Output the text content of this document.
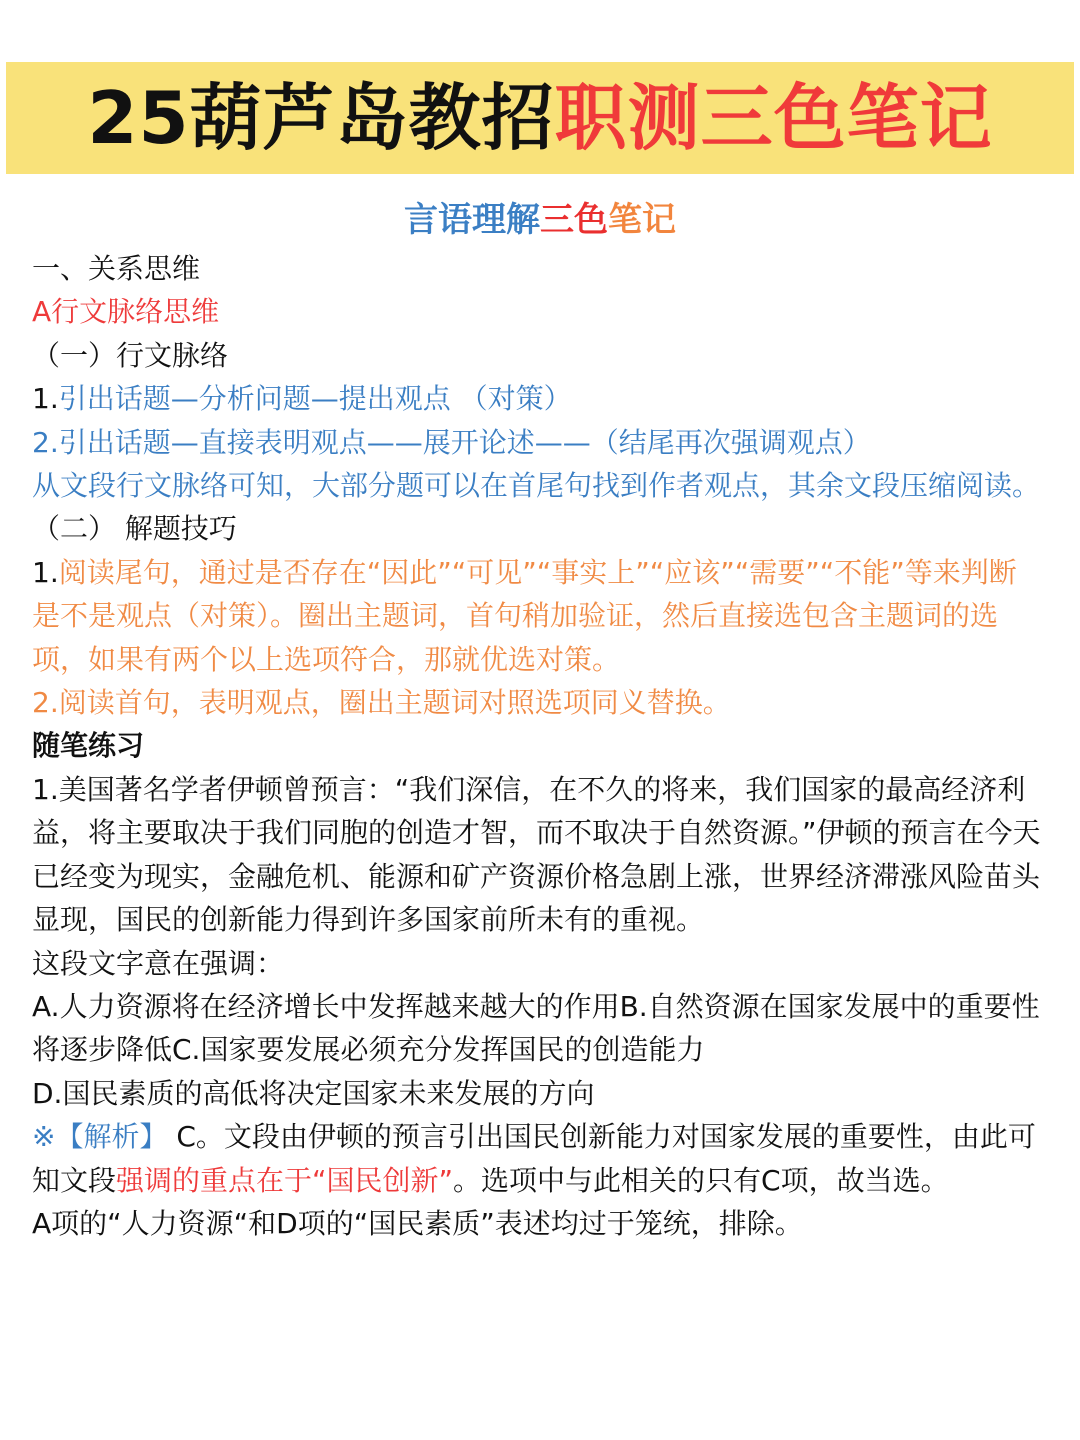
25葫芦岛教招 职测三色笔记
言语理解三色笔记

一、关系思维

A行文脉络思维

（一）行文脉络

1.引出话题—分析问题—提出观点 （对策）

2.引出话题—直接表明观点——展开论述——（结尾再次强调观点）

从文段行文脉络可知，大部分题可以在首尾句找到作者观点，其余文段压缩阅读。

（二） 解题技巧

1.阅读尾句，通过是否存在“因此”“可见”“事实上”“应该”“需要”“不能”等来判断是不是观点（对策）。圈出主题词，首句稍加验证，然后直接选包含主题词的选项，如果有两个以上选项符合，那就优选对策。

2.阅读首句，表明观点，圈出主题词对照选项同义替换。

随笔练习

1.美国著名学者伊顿曾预言：“我们深信，在不久的将来，我们国家的最高经济利益，将主要取决于我们同胞的创造才智，而不取决于自然资源。”伊顿的预言在今天已经变为现实，金融危机、能源和矿产资源价格急剧上涨，世界经济滞涨风险苗头显现，国民的创新能力得到许多国家前所未有的重视。

这段文字意在强调：

A.人力资源将在经济增长中发挥越来越大的作用B.自然资源在国家发展中的重要性将逐步降低C.国家要发展必须充分发挥国民的创造能力

D.国民素质的高低将决定国家未来发展的方向

※【解析】 C。文段由伊顿的预言引出国民创新能力对国家发展的重要性，由此可知文段强调的重点在于“国民创新”。选项中与此相关的只有C项，故当选。

A项的“人力资源“和D项的“国民素质”表述均过于笼统，排除。
